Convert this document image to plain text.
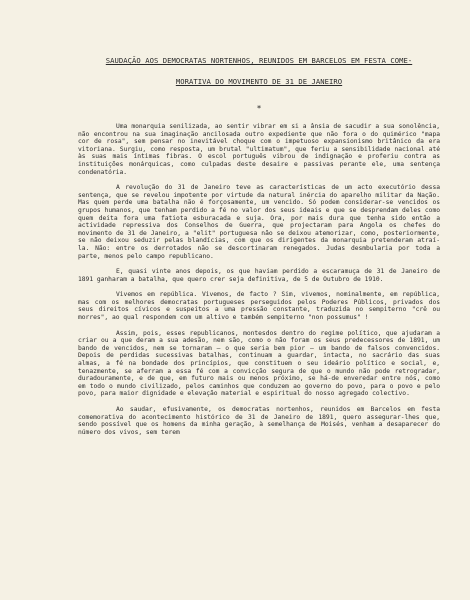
SAUDAÇÃO AOS DEMOCRATAS NORTENHOS, REUNIDOS EM BARCELOS EM FESTA COME-

MORATIVA DO MOVIMENTO DE 31 DE JANEIRO

*

Uma monarquia senilizada, ao sentir vibrar em si a ânsia de sacudir a sua sonolência, não encontrou na sua imaginação ancilosada outro expediente que não fora o do quimérico "mapa cor de rosa", sem pensar no inevitável choque com o impetuoso expansionismo britânico da era vitoriana. Surgiu, como resposta, um brutal "ultimatum", que feriu a sensibilidade nacional até às suas mais íntimas fibras. O escol português vibrou de indignação e proferiu contra as instituições monárquicas, como culpadas deste desaire e passivas perante ele, uma sentença condenatória.

A revolução do 31 de Janeiro teve as características de um acto executório dessa sentença, que se revelou impotente por virtude da natural inércia do aparelho militar da Nação. Mas quem perde uma batalha não é forçosamente, um vencido. Só podem considerar-se vencidos os grupos humanos, que tenham perdido a fé no valor dos seus ideais e que se desprendam deles como quem deita fora uma fatiota esburacada e suja. Ora, por mais dura que tenha sido então a actividade repressiva dos Conselhos de Guerra, que projectaram para Angola os chefes do movimento de 31 de Janeiro, a "elit" portuguesa não se deixou atemorizar, como, posteriormente, se não deixou seduzir pelas blandícias, com que os dirigentes da monarquia pretenderam atraí-la. Não: entre os derrotados não se descortinaram renegados. Judas desmbularia por toda a parte, menos pelo campo republicano.

E, quasi vinte anos depois, os que haviam perdido a escaramuça de 31 de Janeiro de 1891 ganharam a batalha, que quero crer seja definitiva, de 5 de Outubro de 1910.

Vivemos em república. Vivemos, de facto ? Sim, vivemos, nominalmente, em república, mas com os melhores democratas portugueses perseguidos pelos Poderes Públicos, privados dos seus direitos cívicos e suspeitos a uma pressão constante, traduzida no sempiterno "crê ou morres", ao qual respondem com um altivo e também sempiterno "non possumus" !

Assim, pois, esses republicanos, montesdos dentro do regime político, que ajudaram a criar ou a que deram a sua adesão, nem são, como o não foram os seus predecessores de 1891, um bando de vencidos, nem se tornaram – o que seria bem pior – um bando de falsos convencidos. Depois de perdidas sucessivas batalhas, continuam a guardar, intacta, no sacrário das suas almas, a fé na bondade dos princípios, que constituem o seu ideário político e social, e, tenazmente, se aferram a essa fé com a convicção segura de que o mundo não pode retrogradar, duradouramente, e de que, em futuro mais ou menos próximo, se há-de enveredar entre nós, como em todo o mundo civilizado, pelos caminhos que conduzem ao governo do povo, para o povo e pelo povo, para maior dignidade e elevação material e espiritual do nosso agregado colectivo.

Ao saudar, efusivamente, os democratas nortenhos, reunidos em Barcelos em festa comemorativa do acontecimento histórico de 31 de Janeiro de 1891, quero assegurar-lhes que, sendo possível que os homens da minha geração, à semelhança de Moisés, venham a desaparecer do número dos vivos, sem terem
